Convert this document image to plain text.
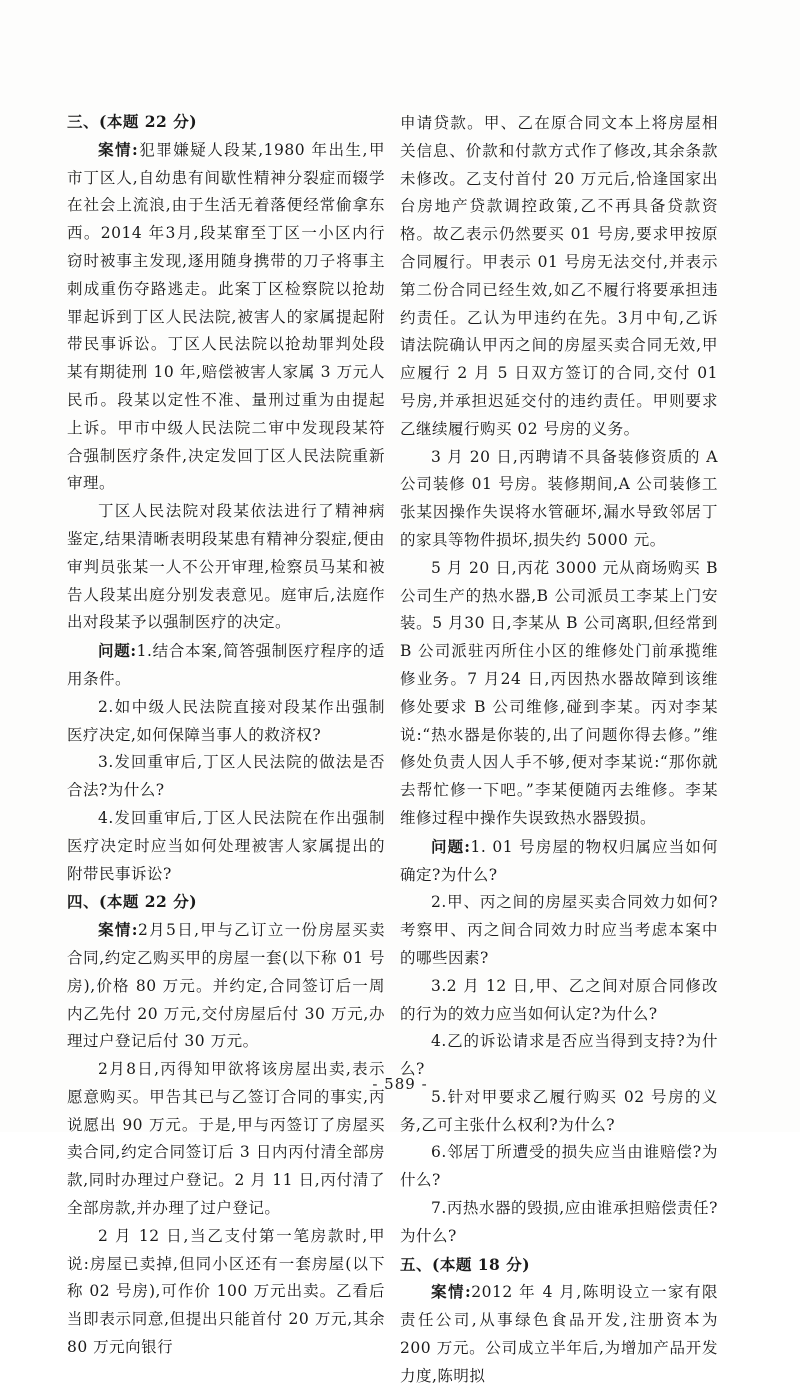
三、(本题 22 分)

案情:犯罪嫌疑人段某,1980 年出生,甲市丁区人,自幼患有间歇性精神分裂症而辍学在社会上流浪,由于生活无着落便经常偷拿东西。2014 年3月,段某窜至丁区一小区内行窃时被事主发现,逐用随身携带的刀子将事主刺成重伤夺路逃走。此案丁区检察院以抢劫罪起诉到丁区人民法院,被害人的家属提起附带民事诉讼。丁区人民法院以抢劫罪判处段某有期徒刑 10 年,赔偿被害人家属 3 万元人民币。段某以定性不准、量刑过重为由提起上诉。甲市中级人民法院二审中发现段某符合强制医疗条件,决定发回丁区人民法院重新审理。

丁区人民法院对段某依法进行了精神病鉴定,结果清晰表明段某患有精神分裂症,便由审判员张某一人不公开审理,检察员马某和被告人段某出庭分别发表意见。庭审后,法庭作出对段某予以强制医疗的决定。

问题:1.结合本案,简答强制医疗程序的适用条件。

2.如中级人民法院直接对段某作出强制医疗决定,如何保障当事人的救济权?

3.发回重审后,丁区人民法院的做法是否合法?为什么?

4.发回重审后,丁区人民法院在作出强制医疗决定时应当如何处理被害人家属提出的附带民事诉讼?

四、(本题 22 分)

案情:2月5日,甲与乙订立一份房屋买卖合同,约定乙购买甲的房屋一套(以下称 01 号房),价格 80 万元。并约定,合同签订后一周内乙先付 20 万元,交付房屋后付 30 万元,办理过户登记后付 30 万元。

2月8日,丙得知甲欲将该房屋出卖,表示愿意购买。甲告其已与乙签订合同的事实,丙说愿出 90 万元。于是,甲与丙签订了房屋买卖合同,约定合同签订后 3 日内丙付清全部房款,同时办理过户登记。2 月 11 日,丙付清了全部房款,并办理了过户登记。

2 月 12 日,当乙支付第一笔房款时,甲说:房屋已卖掉,但同小区还有一套房屋(以下称 02 号房),可作价 100 万元出卖。乙看后当即表示同意,但提出只能首付 20 万元,其余 80 万元向银行

申请贷款。甲、乙在原合同文本上将房屋相关信息、价款和付款方式作了修改,其余条款未修改。乙支付首付 20 万元后,恰逢国家出台房地产贷款调控政策,乙不再具备贷款资格。故乙表示仍然要买 01 号房,要求甲按原合同履行。甲表示 01 号房无法交付,并表示第二份合同已经生效,如乙不履行将要承担违约责任。乙认为甲违约在先。3月中旬,乙诉请法院确认甲丙之间的房屋买卖合同无效,甲应履行 2 月 5 日双方签订的合同,交付 01 号房,并承担迟延交付的违约责任。甲则要求乙继续履行购买 02 号房的义务。

3 月 20 日,丙聘请不具备装修资质的 A 公司装修 01 号房。装修期间,A 公司装修工张某因操作失误将水管砸坏,漏水导致邻居丁的家具等物件损坏,损失约 5000 元。

5 月 20 日,丙花 3000 元从商场购买 B 公司生产的热水器,B 公司派员工李某上门安装。5 月30 日,李某从 B 公司离职,但经常到 B 公司派驻丙所住小区的维修处门前承揽维修业务。7 月24 日,丙因热水器故障到该维修处要求 B 公司维修,碰到李某。丙对李某说:“热水器是你装的,出了问题你得去修。”维修处负责人因人手不够,便对李某说:“那你就去帮忙修一下吧。”李某便随丙去维修。李某维修过程中操作失误致热水器毁损。

问题:1. 01 号房屋的物权归属应当如何确定?为什么?

2.甲、丙之间的房屋买卖合同效力如何?考察甲、丙之间合同效力时应当考虑本案中的哪些因素?

3.2 月 12 日,甲、乙之间对原合同修改的行为的效力应当如何认定?为什么?

4.乙的诉讼请求是否应当得到支持?为什么?

5.针对甲要求乙履行购买 02 号房的义务,乙可主张什么权利?为什么?

6.邻居丁所遭受的损失应当由谁赔偿?为什么?

7.丙热水器的毁损,应由谁承担赔偿责任?为什么?

五、(本题 18 分)

案情:2012 年 4 月,陈明设立一家有限责任公司,从事绿色食品开发,注册资本为 200 万元。公司成立半年后,为增加产品开发力度,陈明拟

- 589 -
